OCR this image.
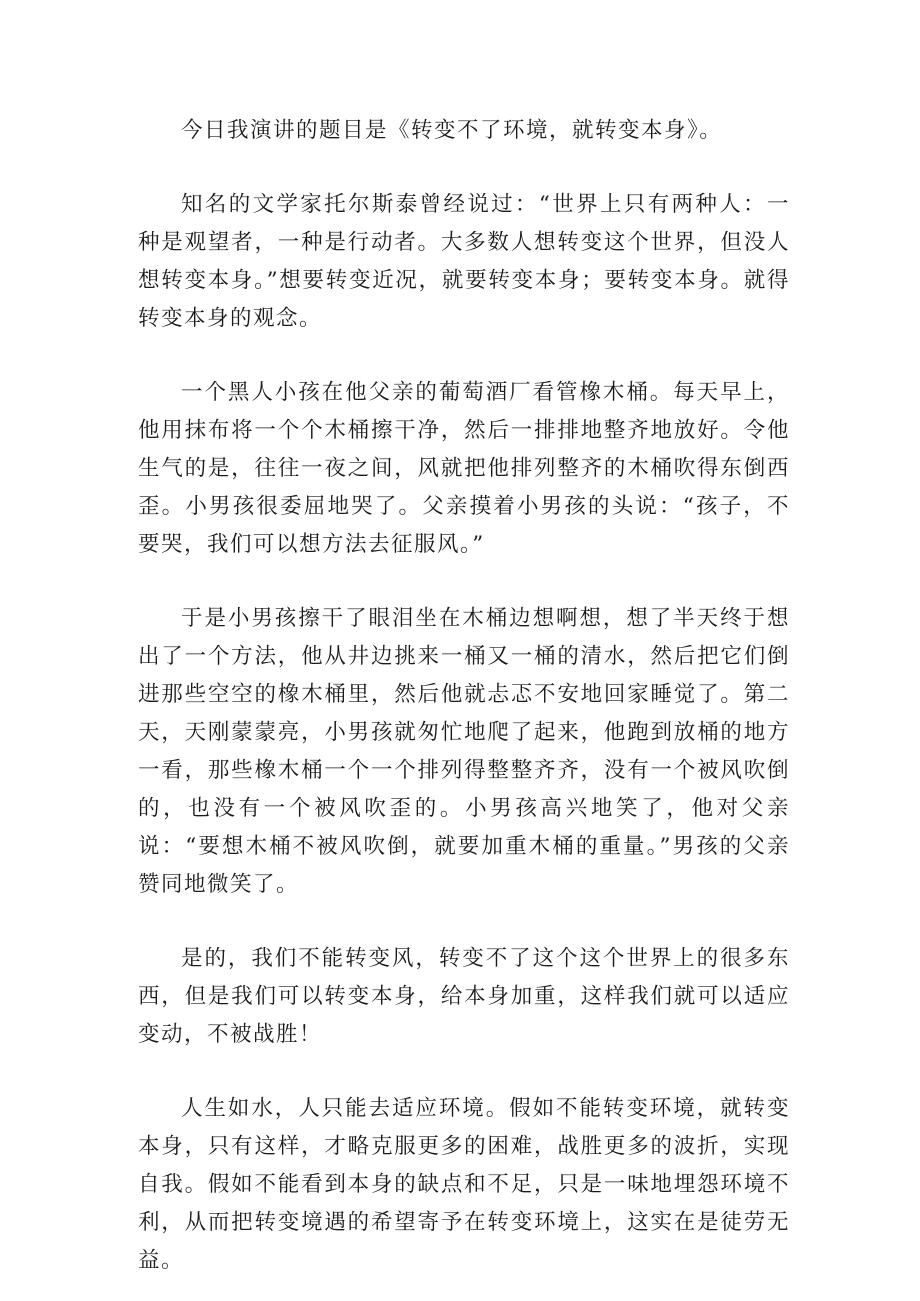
今日我演讲的题目是《转变不了环境，就转变本身》。

知名的文学家托尔斯泰曾经说过：“世界上只有两种人：一种是观望者，一种是行动者。大多数人想转变这个世界，但没人想转变本身。”想要转变近况，就要转变本身；要转变本身。就得转变本身的观念。

一个黑人小孩在他父亲的葡萄酒厂看管橡木桶。每天早上，他用抹布将一个个木桶擦干净，然后一排排地整齐地放好。令他生气的是，往往一夜之间，风就把他排列整齐的木桶吹得东倒西歪。小男孩很委屈地哭了。父亲摸着小男孩的头说：“孩子，不要哭，我们可以想方法去征服风。”

于是小男孩擦干了眼泪坐在木桶边想啊想，想了半天终于想出了一个方法，他从井边挑来一桶又一桶的清水，然后把它们倒进那些空空的橡木桶里，然后他就忐忑不安地回家睡觉了。第二天，天刚蒙蒙亮，小男孩就匆忙地爬了起来，他跑到放桶的地方一看，那些橡木桶一个一个排列得整整齐齐，没有一个被风吹倒的，也没有一个被风吹歪的。小男孩高兴地笑了，他对父亲说：“要想木桶不被风吹倒，就要加重木桶的重量。”男孩的父亲赞同地微笑了。

是的，我们不能转变风，转变不了这个这个世界上的很多东西，但是我们可以转变本身，给本身加重，这样我们就可以适应变动，不被战胜！

人生如水，人只能去适应环境。假如不能转变环境，就转变本身，只有这样，才略克服更多的困难，战胜更多的波折，实现自我。假如不能看到本身的缺点和不足，只是一味地埋怨环境不利，从而把转变境遇的希望寄予在转变环境上，这实在是徒劳无益。
